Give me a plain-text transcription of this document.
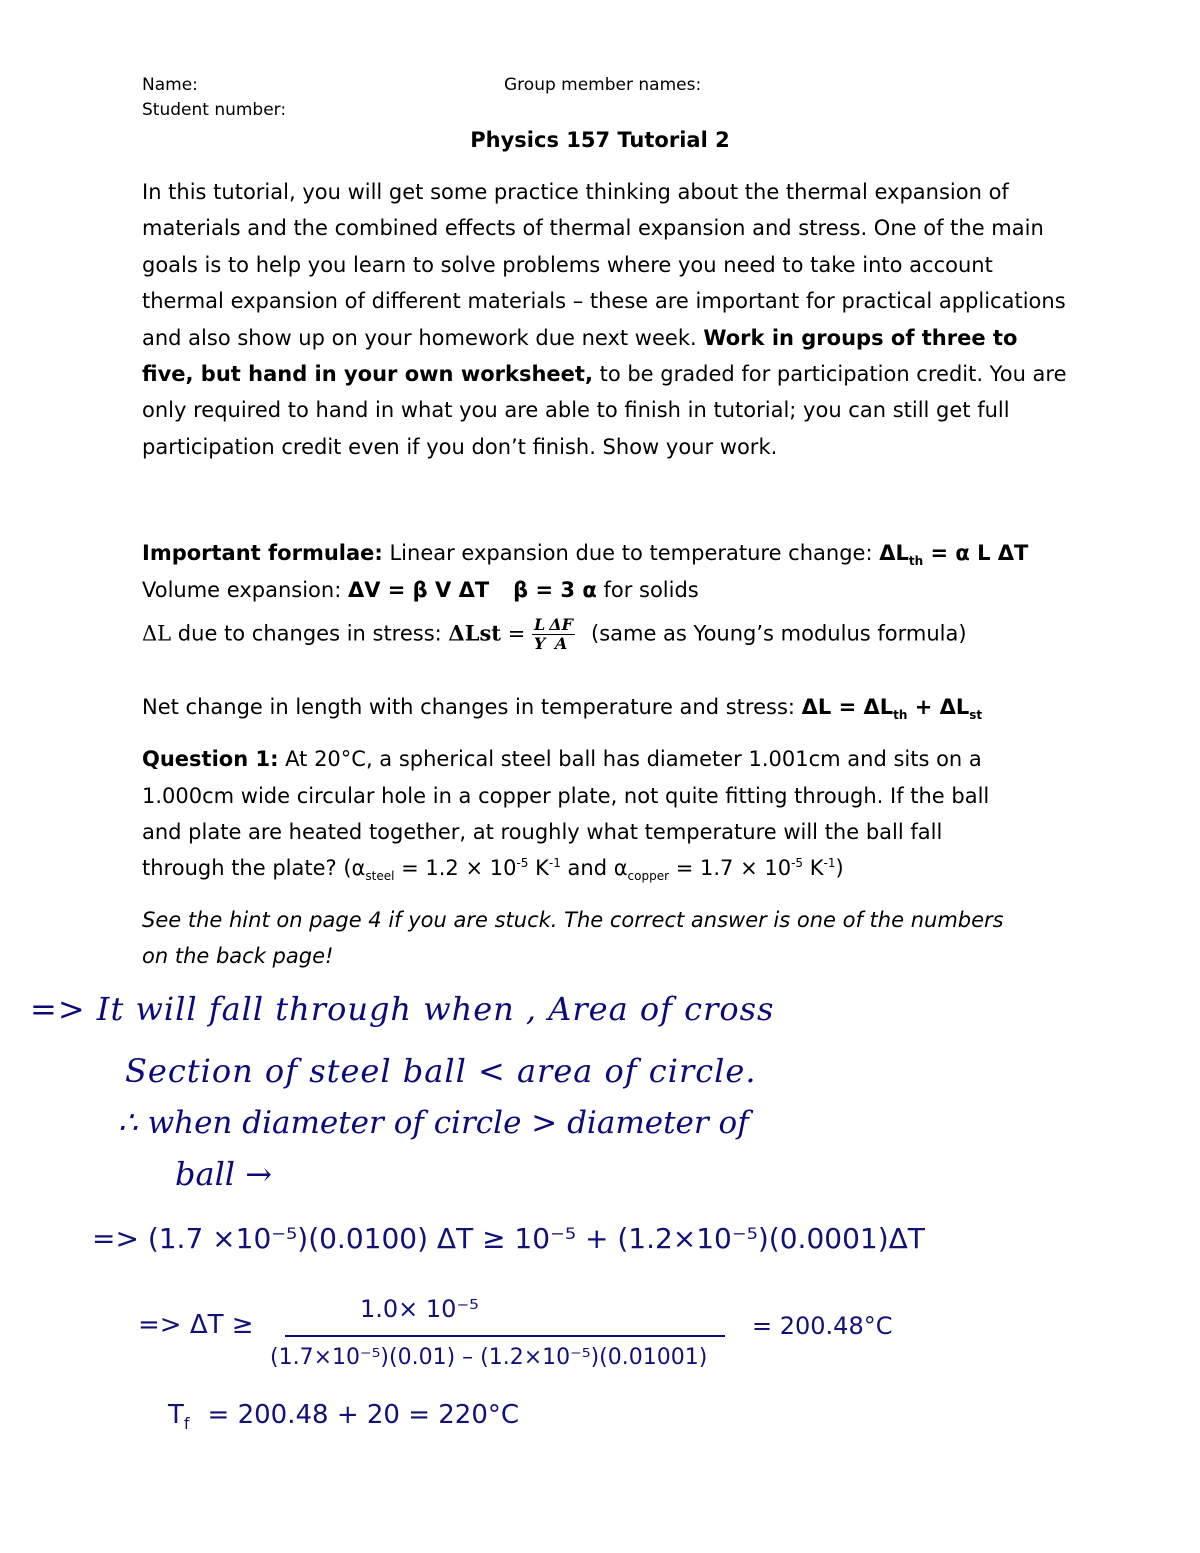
Name:
Student number:
Group member names:
Physics 157 Tutorial 2
In this tutorial, you will get some practice thinking about the thermal expansion of materials and the combined effects of thermal expansion and stress. One of the main goals is to help you learn to solve problems where you need to take into account thermal expansion of different materials – these are important for practical applications and also show up on your homework due next week. Work in groups of three to five, but hand in your own worksheet, to be graded for participation credit. You are only required to hand in what you are able to finish in tutorial; you can still get full participation credit even if you don’t finish. Show your work.
Important formulae: Linear expansion due to temperature change: $\Delta L_{th} = \alpha$ L ΔT
Volume expansion: ΔV = β V ΔT β = 3 α for solids
ΔL due to changes in stress: $\Delta Lst = \frac{L}{Y} \frac{\Delta F}{A}$ (same as Young’s modulus formula)
Net change in length with changes in temperature and stress: $\Delta L = \Delta L_{th} + \Delta L_{st}$
Question 1: At 20°C, a spherical steel ball has diameter 1.001cm and sits on a
1.000cm wide circular hole in a copper plate, not quite fitting through. If the ball
and plate are heated together, at roughly what temperature will the ball fall
through the plate? ($\alpha_{steel} = 1.2 \times 10^{-5}$ $K^{-1}$ and $\alpha_{copper} = 1.7 \times 10^{-5}$ $K^{-1}$)
See the hint on page 4 if you are stuck. The correct answer is one of the numbers
on the back page!
=> It will fall through when , Area of cross
Section of steel ball < area of circle.
∴ when diameter of circle > diameter of
ball →
=> (1.7 ×10⁻⁵)(0.0100) ΔT ≥ 10⁻⁵ + (1.2×10⁻⁵)(0.0001)ΔT
=> ΔT ≥
1.0× 10⁻⁵
(1.7×10⁻⁵)(0.01) – (1.2×10⁻⁵)(0.01001)
= 200.48°C
$T_f = 200.48 + 20 = 220^\circ C$
